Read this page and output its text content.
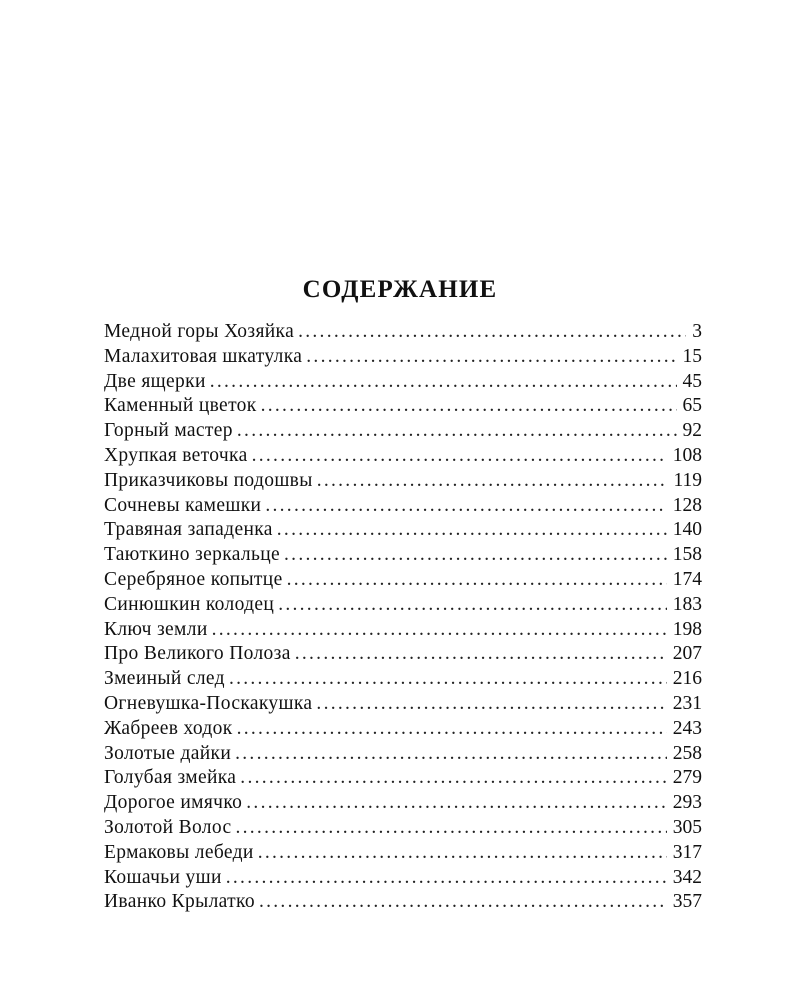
СОДЕРЖАНИЕ
Медной горы Хозяйка . . .	3
Малахитовая шкатулка . . .	15
Две ящерки . . .	45
Каменный цветок . . .	65
Горный мастер . . .	92
Хрупкая веточка . . .	108
Приказчиковы подошвы . . .	119
Сочневы камешки . . .	128
Травяная западенка . . .	140
Таюткино зеркальце . . .	158
Серебряное копытце . . .	174
Синюшкин колодец . . .	183
Ключ земли . . .	198
Про Великого Полоза . . .	207
Змеиный след . . .	216
Огневушка-Поскакушка . . .	231
Жабреев ходок . . .	243
Золотые дайки . . .	258
Голубая змейка . . .	279
Дорогое имячко . . .	293
Золотой Волос . . .	305
Ермаковы лебеди . . .	317
Кошачьи уши . . .	342
Иванко Крылатко . . .	357
